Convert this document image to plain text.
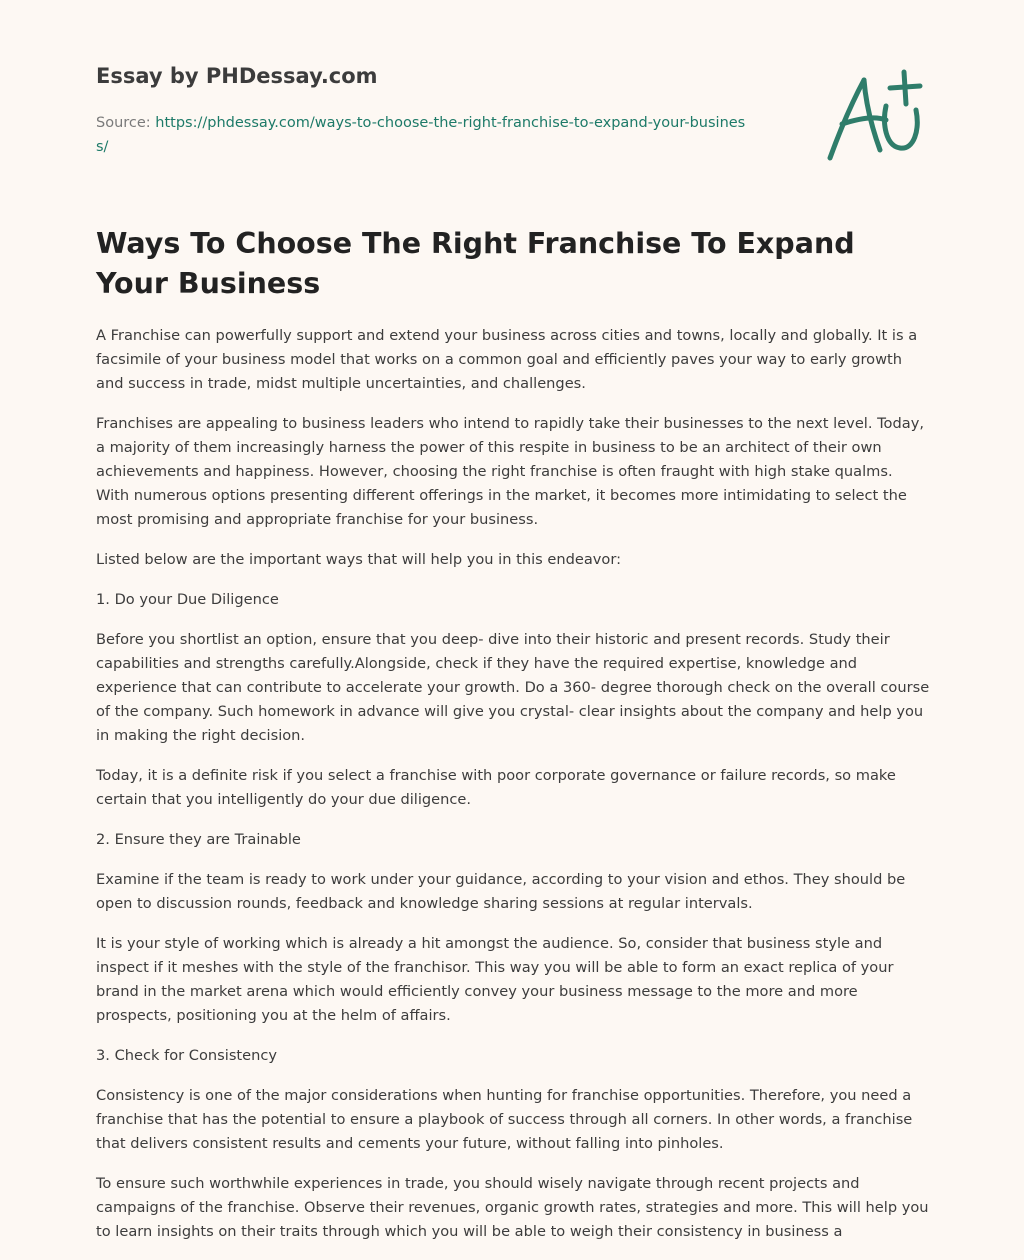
Essay by PHDessay.com
Source: https://phdessay.com/ways-to-choose-the-right-franchise-to-expand-your-business/
Ways To Choose The Right Franchise To Expand Your Business

A Franchise can powerfully support and extend your business across cities and towns, locally and globally. It is a facsimile of your business model that works on a common goal and efficiently paves your way to early growth and success in trade, midst multiple uncertainties, and challenges.

Franchises are appealing to business leaders who intend to rapidly take their businesses to the next level. Today, a majority of them increasingly harness the power of this respite in business to be an architect of their own achievements and happiness. However, choosing the right franchise is often fraught with high stake qualms. With numerous options presenting different offerings in the market, it becomes more intimidating to select the most promising and appropriate franchise for your business.

Listed below are the important ways that will help you in this endeavor:

1. Do your Due Diligence

Before you shortlist an option, ensure that you deep- dive into their historic and present records. Study their capabilities and strengths carefully.Alongside, check if they have the required expertise, knowledge and experience that can contribute to accelerate your growth. Do a 360- degree thorough check on the overall course of the company. Such homework in advance will give you crystal- clear insights about the company and help you in making the right decision.

Today, it is a definite risk if you select a franchise with poor corporate governance or failure records, so make certain that you intelligently do your due diligence.

2. Ensure they are Trainable

Examine if the team is ready to work under your guidance, according to your vision and ethos. They should be open to discussion rounds, feedback and knowledge sharing sessions at regular intervals.

It is your style of working which is already a hit amongst the audience. So, consider that business style and inspect if it meshes with the style of the franchisor. This way you will be able to form an exact replica of your brand in the market arena which would efficiently convey your business message to the more and more prospects, positioning you at the helm of affairs.

3. Check for Consistency

Consistency is one of the major considerations when hunting for franchise opportunities. Therefore, you need a franchise that has the potential to ensure a playbook of success through all corners. In other words, a franchise that delivers consistent results and cements your future, without falling into pinholes.

To ensure such worthwhile experiences in trade, you should wisely navigate through recent projects and campaigns of the franchise. Observe their revenues, organic growth rates, strategies and more. This will help you to learn insights on their traits through which you will be able to weigh their consistency in business a
